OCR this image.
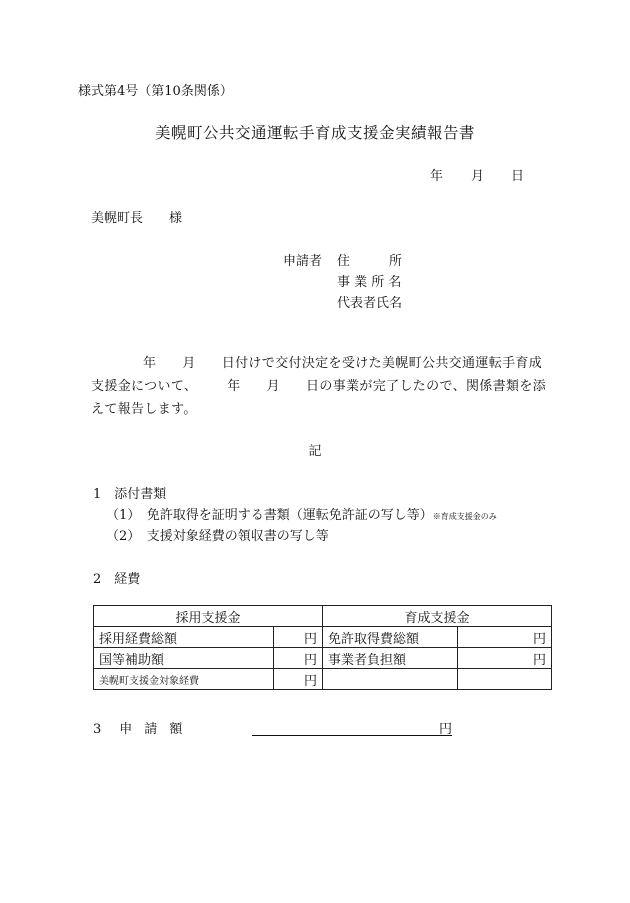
様式第4号（第10条関係）
美幌町公共交通運転手育成支援金実績報告書
年 月 日
美幌町長 様
申請者 住　　　所
事 業 所 名
代表者氏名
年 月 日付けで交付決定を受けた美幌町公共交通運転手育成支援金について、 年 月 日の事業が完了したので、関係書類を添えて報告します。
記
1　添付書類
（1）  免許取得を証明する書類（運転免許証の写し等）※育成支援金のみ
（2）  支援対象経費の領収書の写し等
2　経費
採用支援金		育成支援金	
採用経費総額	円	免許取得費総額	円
国等補助額	円	事業者負担額	円
美幌町支援金対象経費	円		
3 申 請 額	円
